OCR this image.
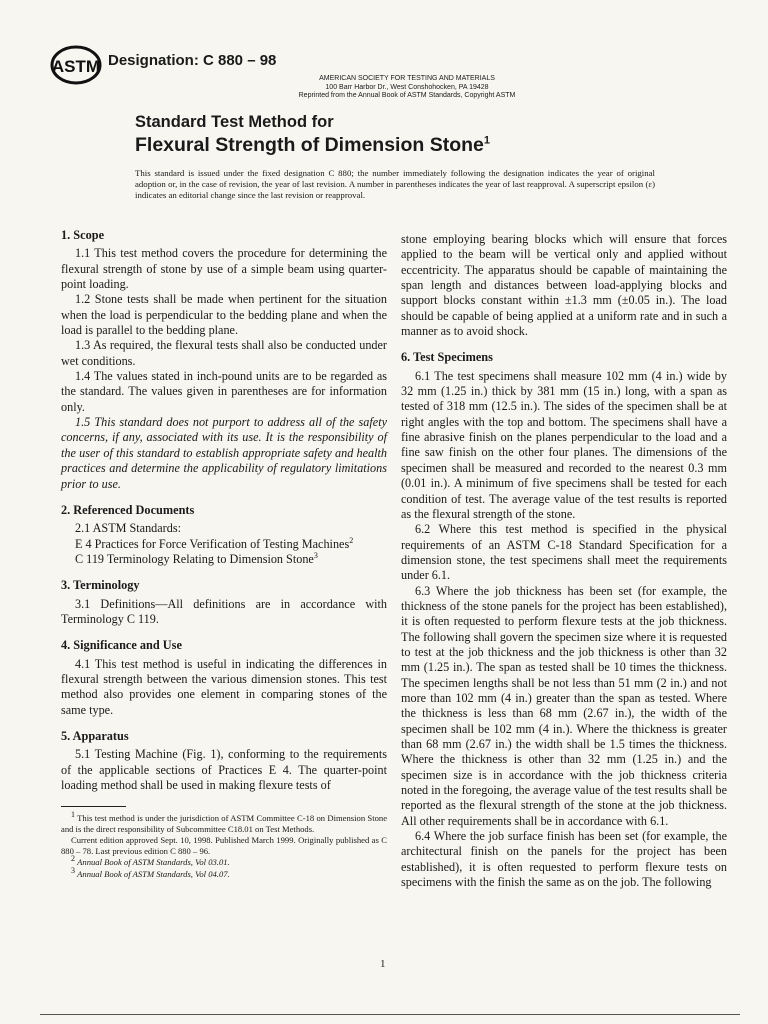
ASTM Designation: C 880 – 98
AMERICAN SOCIETY FOR TESTING AND MATERIALS
100 Barr Harbor Dr., West Conshohocken, PA 19428
Reprinted from the Annual Book of ASTM Standards, Copyright ASTM
Standard Test Method for
Flexural Strength of Dimension Stone$^1$
This standard is issued under the fixed designation C 880; the number immediately following the designation indicates the year of original adoption or, in the case of revision, the year of last revision. A number in parentheses indicates the year of last reapproval. A superscript epsilon (ε) indicates an editorial change since the last revision or reapproval.
1. Scope

1.1 This test method covers the procedure for determining the flexural strength of stone by use of a simple beam using quarter-point loading.

1.2 Stone tests shall be made when pertinent for the situation when the load is perpendicular to the bedding plane and when the load is parallel to the bedding plane.

1.3 As required, the flexural tests shall also be conducted under wet conditions.

1.4 The values stated in inch-pound units are to be regarded as the standard. The values given in parentheses are for information only.

1.5 This standard does not purport to address all of the safety concerns, if any, associated with its use. It is the responsibility of the user of this standard to establish appropriate safety and health practices and determine the applicability of regulatory limitations prior to use.

2. Referenced Documents

2.1 ASTM Standards:

E 4 Practices for Force Verification of Testing Machines$^2$

C 119 Terminology Relating to Dimension Stone$^3$

3. Terminology

3.1 Definitions—All definitions are in accordance with Terminology C 119.

4. Significance and Use

4.1 This test method is useful in indicating the differences in flexural strength between the various dimension stones. This test method also provides one element in comparing stones of the same type.

5. Apparatus

5.1 Testing Machine (Fig. 1), conforming to the requirements of the applicable sections of Practices E 4. The quarter-point loading method shall be used in making flexure tests of

stone employing bearing blocks which will ensure that forces applied to the beam will be vertical only and applied without eccentricity. The apparatus should be capable of maintaining the span length and distances between load-applying blocks and support blocks constant within ±1.3 mm (±0.05 in.). The load should be capable of being applied at a uniform rate and in such a manner as to avoid shock.

6. Test Specimens

6.1 The test specimens shall measure 102 mm (4 in.) wide by 32 mm (1.25 in.) thick by 381 mm (15 in.) long, with a span as tested of 318 mm (12.5 in.). The sides of the specimen shall be at right angles with the top and bottom. The specimens shall have a fine abrasive finish on the planes perpendicular to the load and a fine saw finish on the other four planes. The dimensions of the specimen shall be measured and recorded to the nearest 0.3 mm (0.01 in.). A minimum of five specimens shall be tested for each condition of test. The average value of the test results is reported as the flexural strength of the stone.

6.2 Where this test method is specified in the physical requirements of an ASTM C-18 Standard Specification for a dimension stone, the test specimens shall meet the requirements under 6.1.

6.3 Where the job thickness has been set (for example, the thickness of the stone panels for the project has been established), it is often requested to perform flexure tests at the job thickness. The following shall govern the specimen size where it is requested to test at the job thickness and the job thickness is other than 32 mm (1.25 in.). The span as tested shall be 10 times the thickness. The specimen lengths shall be not less than 51 mm (2 in.) and not more than 102 mm (4 in.) greater than the span as tested. Where the thickness is less than 68 mm (2.67 in.), the width of the specimen shall be 102 mm (4 in.). Where the thickness is greater than 68 mm (2.67 in.) the width shall be 1.5 times the thickness. Where the thickness is other than 32 mm (1.25 in.) and the specimen size is in accordance with the job thickness criteria noted in the foregoing, the average value of the test results shall be reported as the flexural strength of the stone at the job thickness. All other requirements shall be in accordance with 6.1.

6.4 Where the job surface finish has been set (for example, the architectural finish on the panels for the project has been established), it is often requested to perform flexure tests on specimens with the finish the same as on the job. The following

$^1$ This test method is under the jurisdiction of ASTM Committee C-18 on Dimension Stone and is the direct responsibility of Subcommittee C18.01 on Test Methods.

Current edition approved Sept. 10, 1998. Published March 1999. Originally published as C 880 – 78. Last previous edition C 880 – 96.

$^2$ Annual Book of ASTM Standards, Vol 03.01.

$^3$ Annual Book of ASTM Standards, Vol 04.07.

1
